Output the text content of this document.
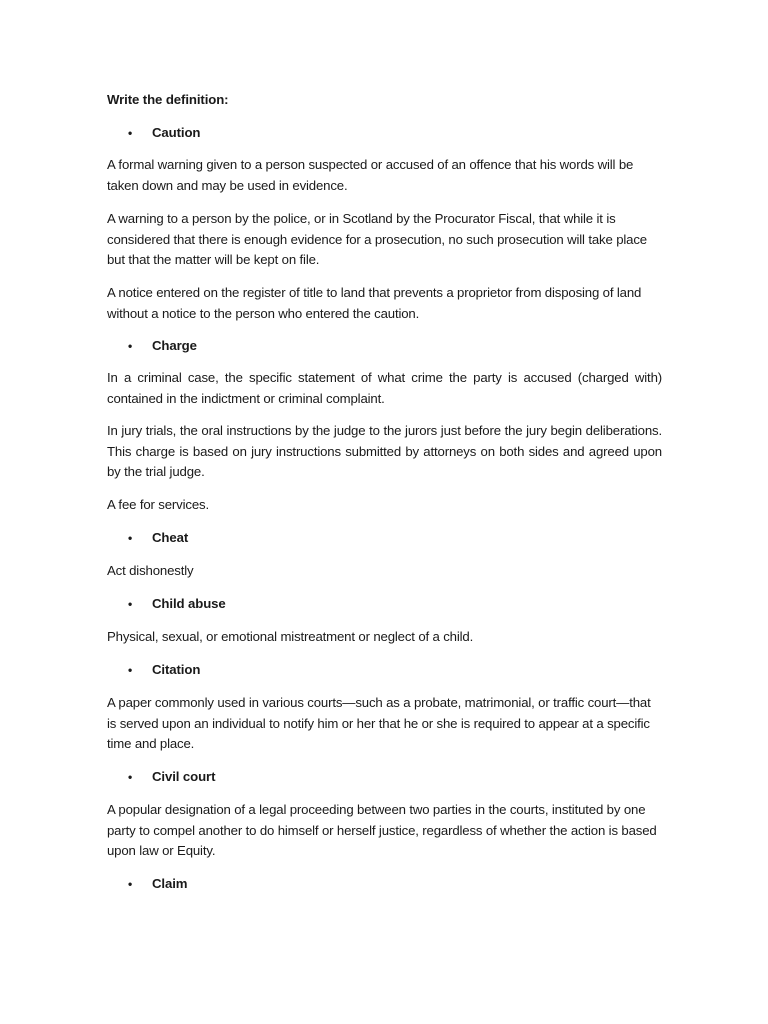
Write the definition:
• Caution
A formal warning given to a person suspected or accused of an offence that his words will be taken down and may be used in evidence.
A warning to a person by the police, or in Scotland by the Procurator Fiscal, that while it is considered that there is enough evidence for a prosecution, no such prosecution will take place but that the matter will be kept on file.
A notice entered on the register of title to land that prevents a proprietor from disposing of land without a notice to the person who entered the caution.
• Charge
In a criminal case, the specific statement of what crime the party is accused (charged with) contained in the indictment or criminal complaint.
In jury trials, the oral instructions by the judge to the jurors just before the jury begin deliberations. This charge is based on jury instructions submitted by attorneys on both sides and agreed upon by the trial judge.
A fee for services.
• Cheat
Act dishonestly
• Child abuse
Physical, sexual, or emotional mistreatment or neglect of a child.
• Citation
A paper commonly used in various courts—such as a probate, matrimonial, or traffic court—that is served upon an individual to notify him or her that he or she is required to appear at a specific time and place.
• Civil court
A popular designation of a legal proceeding between two parties in the courts, instituted by one party to compel another to do himself or herself justice, regardless of whether the action is based upon law or Equity.
• Claim
